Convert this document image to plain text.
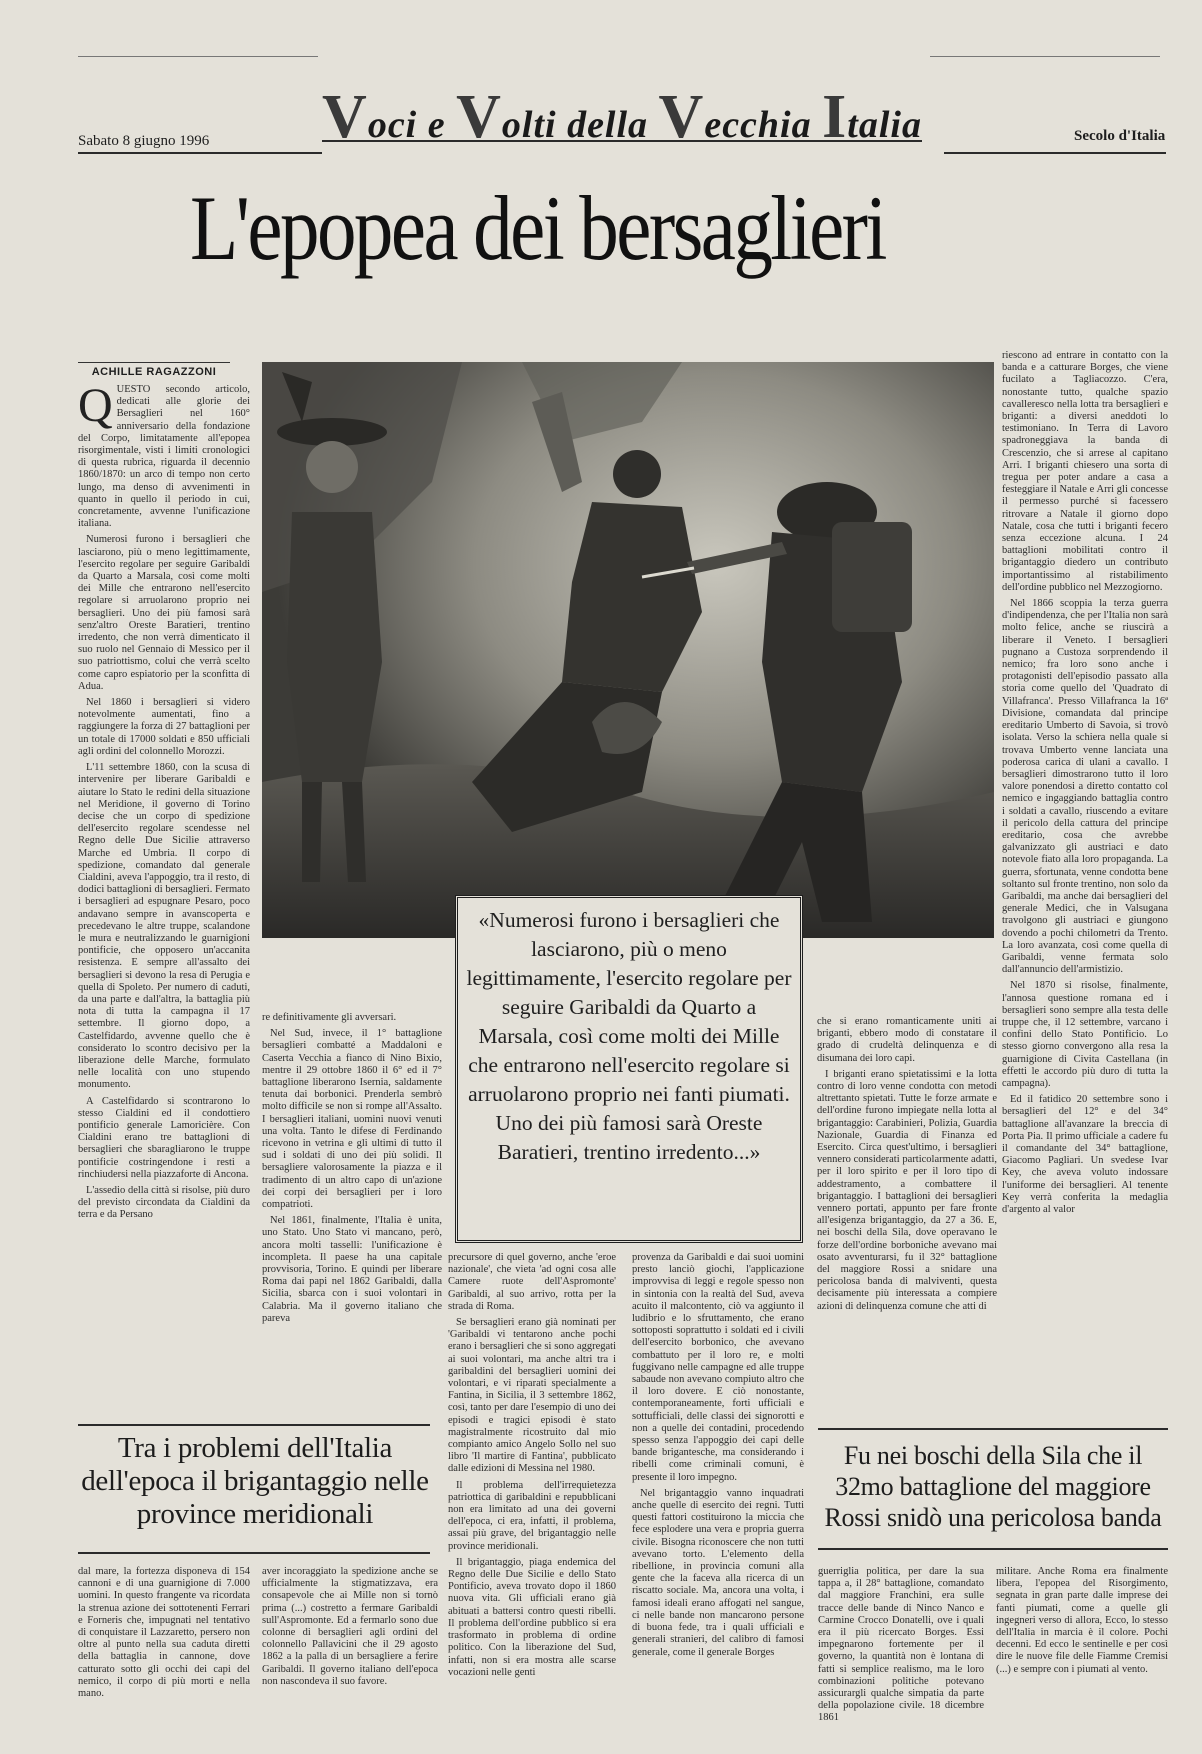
Voci e Volti della Vecchia Italia
Sabato 8 giugno 1996	Secolo d'Italia
L'epopea dei bersaglieri
ACHILLE RAGAZZONI
Q UESTO secondo articolo, dedicati alle glorie dei Bersaglieri nel 160° anniversario della fondazione del Corpo, limitatamente all'epopea risorgimentale, visti i limiti cronologici di questa rubrica, riguarda il decennio 1860/1870: un arco di tempo non certo lungo, ma denso di avvenimenti in quanto in quello il periodo in cui, concretamente, avvenne l'unificazione italiana.

Numerosi furono i bersaglieri che lasciarono, più o meno legittimamente, l'esercito regolare per seguire Garibaldi da Quarto a Marsala, così come molti dei Mille che entrarono nell'esercito regolare si arruolarono proprio nei bersaglieri. Uno dei più famosi sarà senz'altro Oreste Baratieri, trentino irredento, che non verrà dimenticato il suo ruolo nel Gennaio di Messico per il suo patriottismo, colui che verrà scelto come capro espiatorio per la sconfitta di Adua.

Nel 1860 i bersaglieri si videro notevolmente aumentati, fino a raggiungere la forza di 27 battaglioni per un totale di 17000 soldati e 850 ufficiali agli ordini del colonnello Morozzi.

L'11 settembre 1860, con la scusa di intervenire per liberare Garibaldi e aiutare lo Stato le redini della situazione nel Meridione, il governo di Torino decise che un corpo di spedizione dell'esercito regolare scendesse nel Regno delle Due Sicilie attraverso Marche ed Umbria. Il corpo di spedizione, comandato dal generale Cialdini, aveva l'appoggio, tra il resto, di dodici battaglioni di bersaglieri. Fermato i bersaglieri ad espugnare Pesaro, poco andavano sempre in avanscoperta e precedevano le altre truppe, scalandone le mura e neutralizzando le guarnigioni pontificie, che opposero un'accanita resistenza. E sempre all'assalto dei bersaglieri si devono la resa di Perugia e quella di Spoleto. Per numero di caduti, da una parte e dall'altra, la battaglia più nota di tutta la campagna il 17 settembre. Il giorno dopo, a Castelfidardo, avvenne quello che è considerato lo scontro decisivo per la liberazione delle Marche, formulato nelle località con uno stupendo monumento.

A Castelfidardo si scontrarono lo stesso Cialdini ed il condottiero pontificio generale Lamoricière. Con Cialdini erano tre battaglioni di bersaglieri che sbaragliarono le truppe pontificie costringendone i resti a rinchiudersi nella piazzaforte di Ancona.

L'assedio della città si risolse, più duro del previsto circondata da Cialdini da terra e da Persano

«Numerosi furono i bersaglieri che lasciarono, più o meno legittimamente, l'esercito regolare per seguire Garibaldi da Quarto a Marsala, così come molti dei Mille che entrarono nell'esercito regolare si arruolarono proprio nei fanti piumati. Uno dei più famosi sarà Oreste Baratieri, trentino irredento...»

re definitivamente gli avversari.

Nel Sud, invece, il 1° battaglione bersaglieri combatté a Maddaloni e Caserta Vecchia a fianco di Nino Bixio, mentre il 29 ottobre 1860 il 6° ed il 7° battaglione liberarono Isernia, saldamente tenuta dai borbonici. Prenderla sembrò molto difficile se non si rompe all'Assalto. I bersaglieri italiani, uomini nuovi venuti una volta. Tanto le difese di Ferdinando ricevono in vetrina e gli ultimi di tutto il sud i soldati di uno dei più solidi. Il bersagliere valorosamente la piazza e il tradimento di un altro capo di un'azione dei corpi dei bersaglieri per i loro compatrioti.

Nel 1861, finalmente, l'Italia è unita, uno Stato. Uno Stato vi mancano, però, ancora molti tasselli: l'unificazione è incompleta. Il paese ha una capitale provvisoria, Torino. E quindi per liberare Roma dai papi nel 1862 Garibaldi, dalla Sicilia, sbarca con i suoi volontari in Calabria. Ma il governo italiano che pareva

precursore di quel governo, anche 'eroe nazionale', che vieta 'ad ogni cosa alle Camere ruote dell'Aspromonte' Garibaldi, al suo arrivo, rotta per la strada di Roma.

Se bersaglieri erano già nominati per 'Garibaldi vi tentarono anche pochi erano i bersaglieri che si sono aggregati ai suoi volontari, ma anche altri tra i garibaldini del bersaglieri uomini dei volontari, e vi riparati specialmente a Fantina, in Sicilia, il 3 settembre 1862, così, tanto per dare l'esempio di uno dei episodi e tragici episodi è stato magistralmente ricostruito dal mio compianto amico Angelo Sollo nel suo libro 'Il martire di Fantina', pubblicato dalle edizioni di Messina nel 1980.

Il problema dell'irrequietezza patriottica di garibaldini e repubblicani non era limitato ad una dei governi dell'epoca, ci era, infatti, il problema, assai più grave, del brigantaggio nelle province meridionali.

Il brigantaggio, piaga endemica del Regno delle Due Sicilie e dello Stato Pontificio, aveva trovato dopo il 1860 nuova vita. Gli ufficiali erano già abituati a battersi contro questi ribelli. Il problema dell'ordine pubblico si era trasformato in problema di ordine politico. Con la liberazione del Sud, infatti, non si era mostra alle scarse vocazioni nelle genti

che si erano romanticamente uniti ai briganti, ebbero modo di constatare il grado di crudeltà delinquenza e di disumana dei loro capi.

I briganti erano spietatissimi e la lotta contro di loro venne condotta con metodi altrettanto spietati. Tutte le forze armate e dell'ordine furono impiegate nella lotta al brigantaggio: Carabinieri, Polizia, Guardia Nazionale, Guardia di Finanza ed Esercito. Circa quest'ultimo, i bersaglieri vennero considerati particolarmente adatti, per il loro spirito e per il loro tipo di addestramento, a combattere il brigantaggio. I battaglioni dei bersaglieri vennero portati, appunto per fare fronte all'esigenza brigantaggio, da 27 a 36. E, nei boschi della Sila, dove operavano le forze dell'ordine borboniche avevano mai osato avventurarsi, fu il 32° battaglione del maggiore Rossi a snidare una pericolosa banda di malviventi, questa decisamente più interessata a compiere azioni di delinquenza comune che atti di

provenza da Garibaldi e dai suoi uomini presto lanciò giochi, l'applicazione improvvisa di leggi e regole spesso non in sintonia con la realtà del Sud, aveva acuito il malcontento, ciò va aggiunto il ludibrio e lo sfruttamento, che erano sottoposti soprattutto i soldati ed i civili dell'esercito borbonico, che avevano combattuto per il loro re, e molti fuggivano nelle campagne ed alle truppe sabaude non avevano compiuto altro che il loro dovere. E ciò nonostante, contemporaneamente, forti ufficiali e sottufficiali, delle classi dei signorotti e non a quelle dei contadini, procedendo spesso senza l'appoggio dei capi delle bande brigantesche, ma considerando i ribelli come criminali comuni, è presente il loro impegno.

Nel brigantaggio vanno inquadrati anche quelle di esercito dei regni. Tutti questi fattori costituirono la miccia che fece esplodere una vera e propria guerra civile. Bisogna riconoscere che non tutti avevano torto. L'elemento della ribellione, in provincia comuni alla gente che la faceva alla ricerca di un riscatto sociale. Ma, ancora una volta, i famosi ideali erano affogati nel sangue, ci nelle bande non mancarono persone di buona fede, tra i quali ufficiali e generali stranieri, del calibro di famosi generale, come il generale Borges

riescono ad entrare in contatto con la banda e a catturare Borges, che viene fucilato a Tagliacozzo. C'era, nonostante tutto, qualche spazio cavalleresco nella lotta tra bersaglieri e briganti: a diversi aneddoti lo testimoniano. In Terra di Lavoro spadroneggiava la banda di Crescenzio, che si arrese al capitano Arri. I briganti chiesero una sorta di tregua per poter andare a casa a festeggiare il Natale e Arri gli concesse il permesso purché si facessero ritrovare a Natale il giorno dopo Natale, cosa che tutti i briganti fecero senza eccezione alcuna. I 24 battaglioni mobilitati contro il brigantaggio diedero un contributo importantissimo al ristabilimento dell'ordine pubblico nel Mezzogiorno.

Nel 1866 scoppia la terza guerra d'indipendenza, che per l'Italia non sarà molto felice, anche se riuscirà a liberare il Veneto. I bersaglieri pugnano a Custoza sorprendendo il nemico; fra loro sono anche i protagonisti dell'episodio passato alla storia come quello del 'Quadrato di Villafranca'. Presso Villafranca la 16ª Divisione, comandata dal principe ereditario Umberto di Savoia, si trovò isolata. Verso la schiera nella quale si trovava Umberto venne lanciata una poderosa carica di ulani a cavallo. I bersaglieri dimostrarono tutto il loro valore ponendosi a diretto contatto col nemico e ingaggiando battaglia contro i soldati a cavallo, riuscendo a evitare il pericolo della cattura del principe ereditario, cosa che avrebbe galvanizzato gli austriaci e dato notevole fiato alla loro propaganda. La guerra, sfortunata, venne condotta bene soltanto sul fronte trentino, non solo da Garibaldi, ma anche dai bersaglieri del generale Medici, che in Valsugana travolgono gli austriaci e giungono dovendo a pochi chilometri da Trento. La loro avanzata, così come quella di Garibaldi, venne fermata solo dall'annuncio dell'armistizio.

Nel 1870 si risolse, finalmente, l'annosa questione romana ed i bersaglieri sono sempre alla testa delle truppe che, il 12 settembre, varcano i confini dello Stato Pontificio. Lo stesso giorno convergono alla resa la guarnigione di Civita Castellana (in effetti le accordo più duro di tutta la campagna).

Ed il fatidico 20 settembre sono i bersaglieri del 12° e del 34° battaglione all'avanzare la breccia di Porta Pia. Il primo ufficiale a cadere fu il comandante del 34° battaglione, Giacomo Pagliari. Un svedese Ivar Key, che aveva voluto indossare l'uniforme dei bersaglieri. Al tenente Key verrà conferita la medaglia d'argento al valor

Tra i problemi dell'Italia dell'epoca il brigantaggio nelle province meridionali
Fu nei boschi della Sila che il 32mo battaglione del maggiore Rossi snidò una pericolosa banda

dal mare, la fortezza disponeva di 154 cannoni e di una guarnigione di 7.000 uomini. In questo frangente va ricordata la strenua azione dei sottotenenti Ferrari e Forneris che, impugnati nel tentativo di conquistare il Lazzaretto, persero non oltre al punto nella sua caduta diretti della battaglia in cannone, dove catturato sotto gli occhi dei capi del nemico, il corpo di più morti e nella mano.

aver incoraggiato la spedizione anche se ufficialmente la stigmatizzava, era consapevole che ai Mille non si tornò prima (...) costretto a fermare Garibaldi sull'Aspromonte. Ed a fermarlo sono due colonne di bersaglieri agli ordini del colonnello Pallavicini che il 29 agosto 1862 a la palla di un bersagliere a ferire Garibaldi. Il governo italiano dell'epoca non nascondeva il suo favore.

guerriglia politica, per dare la sua tappa a, il 28° battaglione, comandato dal maggiore Franchini, era sulle tracce delle bande di Ninco Nanco e Carmine Crocco Donatelli, ove i quali era il più ricercato Borges. Essi impegnarono fortemente per il governo, la quantità non è lontana di fatti si semplice realismo, ma le loro combinazioni politiche potevano assicurargli qualche simpatia da parte della popolazione civile. 18 dicembre 1861

militare. Anche Roma era finalmente libera, l'epopea del Risorgimento, segnata in gran parte dalle imprese dei fanti piumati, come a quelle gli ingegneri verso di allora, Ecco, lo stesso dell'Italia in marcia è il colore. Pochi decenni. Ed ecco le sentinelle e per così dire le nuove file delle Fiamme Cremisi (...) e sempre con i piumati al vento.
